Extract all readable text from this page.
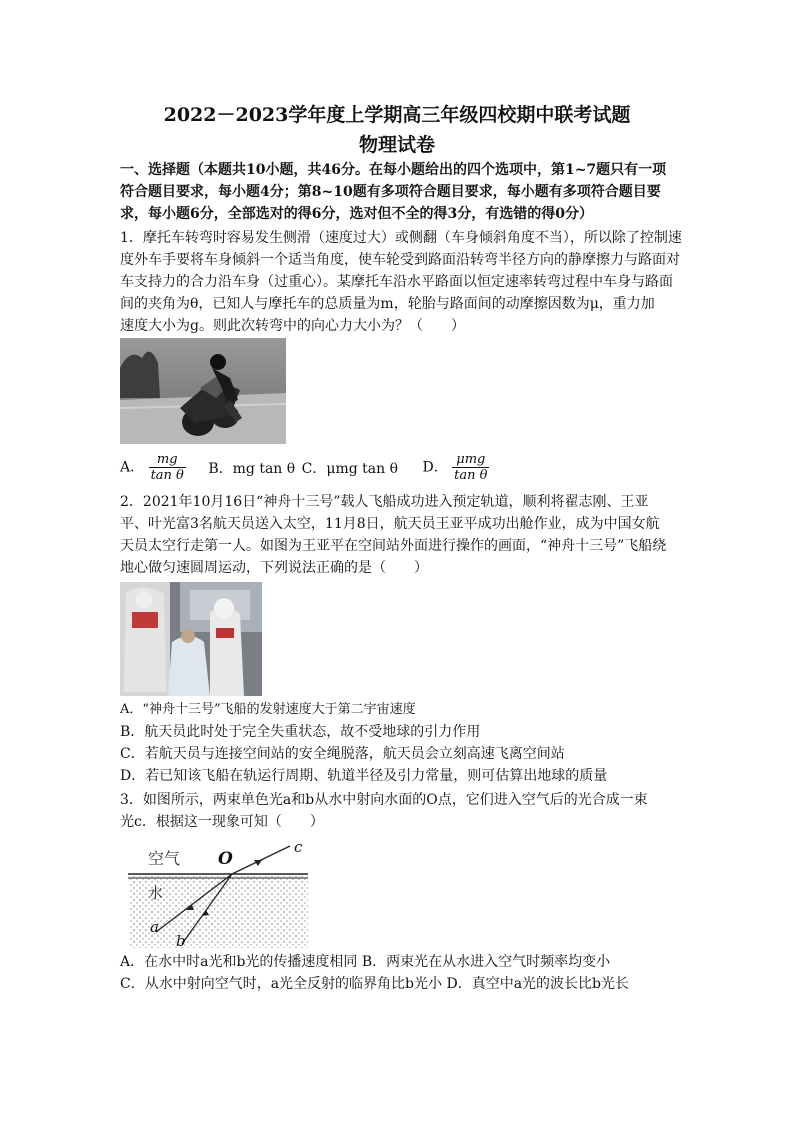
2022－2023学年度上学期高三年级四校期中联考试题
物理试卷
一、选择题（本题共10小题，共46分。在每小题给出的四个选项中，第1~7题只有一项
符合题目要求，每小题4分；第8~10题有多项符合题目要求，每小题有多项符合题目要
求，每小题6分，全部选对的得6分，选对但不全的得3分，有选错的得0分）
1．摩托车转弯时容易发生侧滑（速度过大）或侧翻（车身倾斜角度不当），所以除了控制速
度外车手要将车身倾斜一个适当角度，使车轮受到路面沿转弯半径方向的静摩擦力与路面对
车支持力的合力沿车身（过重心）。某摩托车沿水平路面以恒定速率转弯过程中车身与路面
间的夹角为θ，已知人与摩托车的总质量为m，轮胎与路面间的动摩擦因数为μ，重力加
速度大小为g。则此次转弯中的向心力大小为？（　　）
A． $\frac{mg}{\text{tan θ}}$ B．mg tan θ C．μmg tan θ D． $\frac{\text{μmg}}{\text{tan θ}}$
2．2021年10月16日“神舟十三号”载人飞船成功进入预定轨道，顺利将翟志刚、王亚
平、叶光富3名航天员送入太空，11月8日，航天员王亚平成功出舱作业，成为中国女航
天员太空行走第一人。如图为王亚平在空间站外面进行操作的画面，“神舟十三号”飞船绕
地心做匀速圆周运动，下列说法正确的是（　　）
A．“神舟十三号”飞船的发射速度大于第二宇宙速度
B．航天员此时处于完全失重状态，故不受地球的引力作用
C．若航天员与连接空间站的安全绳脱落，航天员会立刻高速飞离空间站
D．若已知该飞船在轨运行周期、轨道半径及引力常量，则可估算出地球的质量
3．如图所示，两束单色光a和b从水中射向水面的O点，它们进入空气后的光合成一束
光c．根据这一现象可知（　　）
空气
水
O
c
a
b
A．在水中时a光和b光的传播速度相同 B．两束光在从水进入空气时频率均变小
C．从水中射向空气时，a光全反射的临界角比b光小 D．真空中a光的波长比b光长
